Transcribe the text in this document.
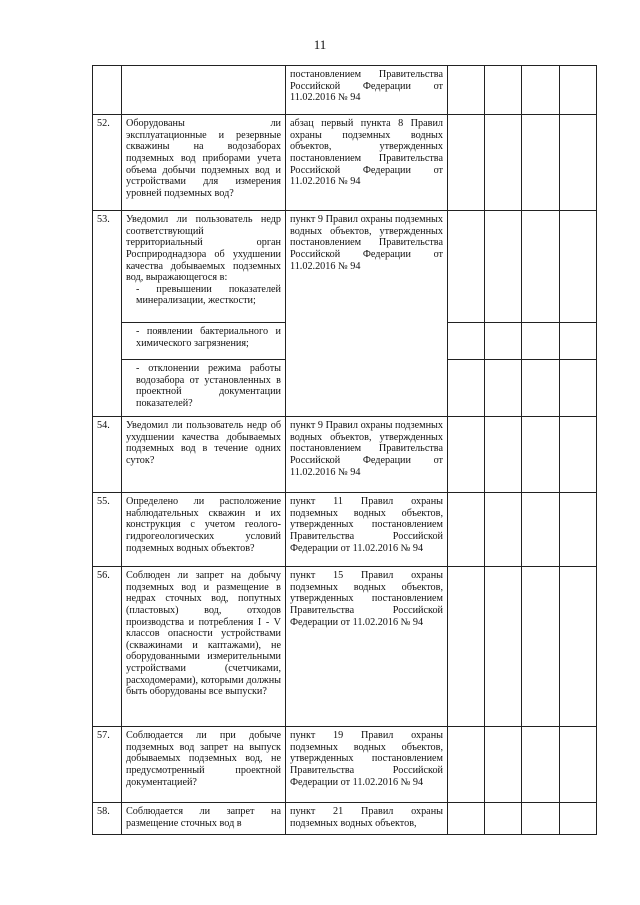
11
		постановлением Правительства Российской Федерации от 11.02.2016 № 94				
52.	Оборудованы ли эксплуатационные и резервные скважины на водозаборах подземных вод приборами учета объема добычи подземных вод и устройствами для измерения уровней подземных вод?	абзац первый пункта 8 Правил охраны подземных водных объектов, утвержденных постановлением Правительства Российской Федерации от 11.02.2016 № 94				
53.	Уведомил ли пользователь недр соответствующий территориальный орган Росприроднадзора об ухудшении качества добываемых подземных вод, выражающегося в:

- превышении показателей минерализации, жесткости;	пункт 9 Правил охраны подземных водных объектов, утвержденных постановлением Правительства Российской Федерации от 11.02.2016 № 94				

	- появлении бактериального и химического загрязнения;					

	- отклонении режима работы водозабора от установленных в проектной документации показателей?					

54.	Уведомил ли пользователь недр об ухудшении качества добываемых подземных вод в течение одних суток?	пункт 9 Правил охраны подземных водных объектов, утвержденных постановлением Правительства Российской Федерации от 11.02.2016 № 94				
55.	Определено ли расположение наблюдательных скважин и их конструкция с учетом геолого-гидрогеологических условий подземных водных объектов?	пункт 11 Правил охраны подземных водных объектов, утвержденных постановлением Правительства Российской Федерации от 11.02.2016 № 94				
56.	Соблюден ли запрет на добычу подземных вод и размещение в недрах сточных вод, попутных (пластовых) вод, отходов производства и потребления I - V классов опасности устройствами (скважинами и каптажами), не оборудованными измерительными устройствами (счетчиками, расходомерами), которыми должны быть оборудованы все выпуски?	пункт 15 Правил охраны подземных водных объектов, утвержденных постановлением Правительства Российской Федерации от 11.02.2016 № 94				
57.	Соблюдается ли при добыче подземных вод запрет на выпуск добываемых подземных вод, не предусмотренный проектной документацией?	пункт 19 Правил охраны подземных водных объектов, утвержденных постановлением Правительства Российской Федерации от 11.02.2016 № 94				
58.	Соблюдается ли запрет на размещение сточных вод в	пункт 21 Правил охраны подземных водных объектов,				
